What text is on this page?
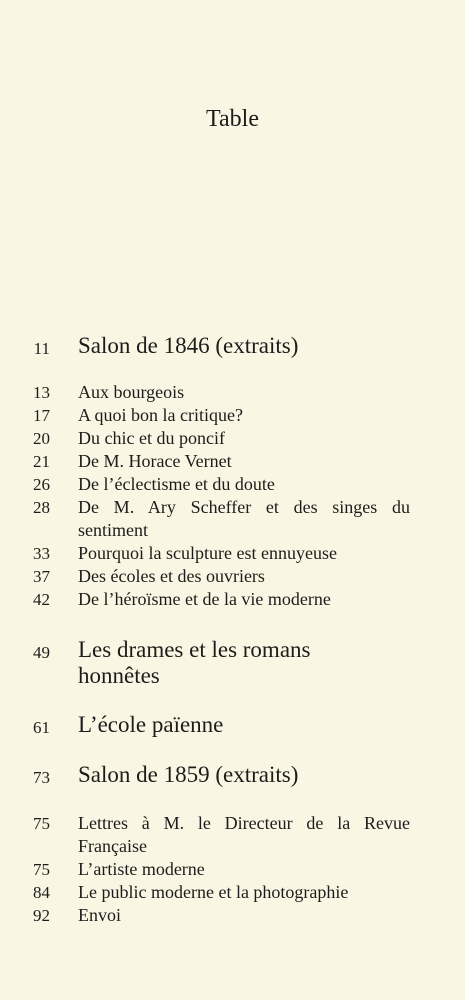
Table
11 Salon de 1846 (extraits)
13 Aux bourgeois
17 A quoi bon la critique?
20 Du chic et du poncif
21 De M. Horace Vernet
26 De l’éclectisme et du doute
28 De M. Ary Scheffer et des singes du
sentiment
33 Pourquoi la sculpture est ennuyeuse
37 Des écoles et des ouvriers
42 De l’héroïsme et de la vie moderne
49 Les drames et les romans
honnêtes
61 L’école païenne
73 Salon de 1859 (extraits)
75 Lettres à M. le Directeur de la Revue
Française
75 L’artiste moderne
84 Le public moderne et la photographie
92 Envoi
